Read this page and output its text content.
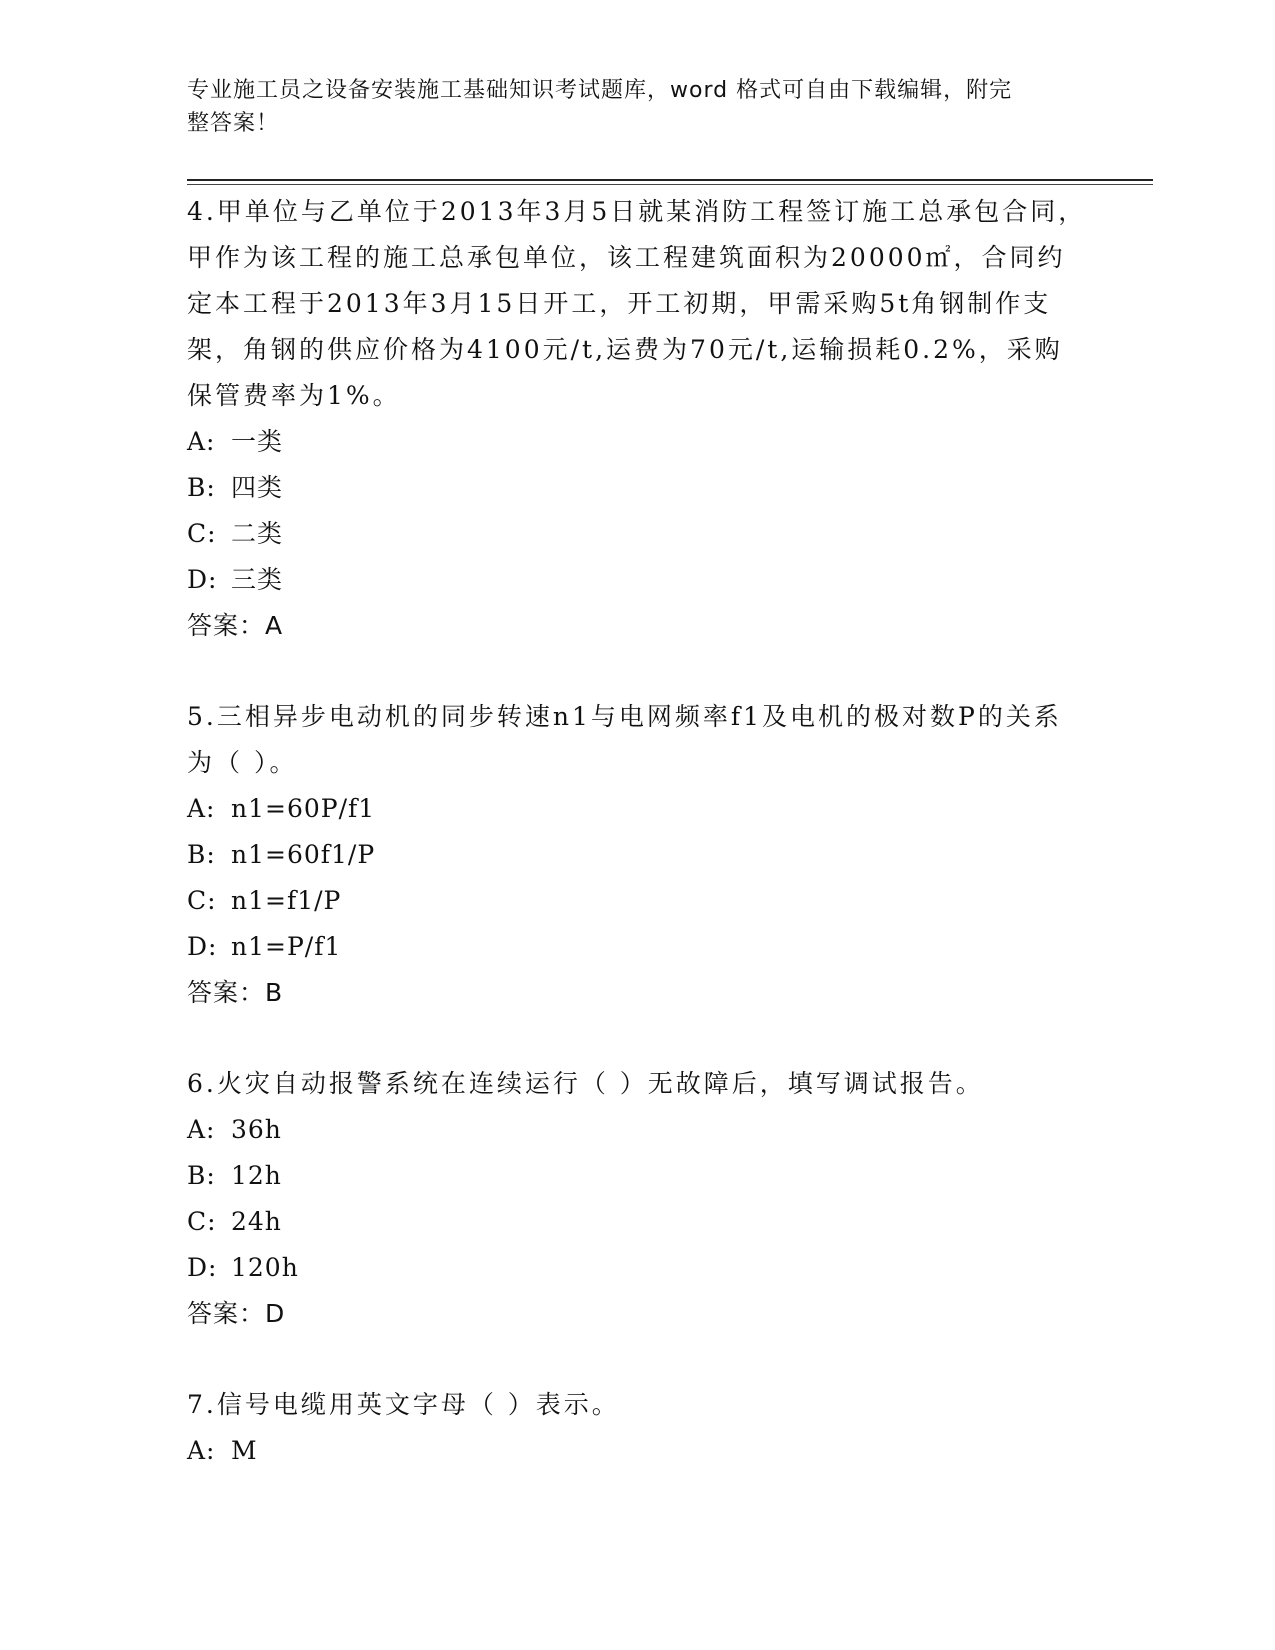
专业施工员之设备安装施工基础知识考试题库，word 格式可自由下载编辑，附完
整答案！
4.甲单位与乙单位于2013年3月5日就某消防工程签订施工总承包合同，甲作为该工程的施工总承包单位，该工程建筑面积为20000㎡，合同约定本工程于2013年3月15日开工，开工初期，甲需采购5t角钢制作支架，角钢的供应价格为4100元/t,运费为70元/t,运输损耗0.2%，采购保管费率为1%。
A: 一类
B: 四类
C: 二类
D: 三类
答案：A
5.三相异步电动机的同步转速n1与电网频率f1及电机的极对数P的关系为（ ）。
A: n1=60P/f1
B: n1=60f1/P
C: n1=f1/P
D: n1=P/f1
答案：B
6.火灾自动报警系统在连续运行（ ）无故障后，填写调试报告。
A: 36h
B: 12h
C: 24h
D: 120h
答案：D
7.信号电缆用英文字母（ ）表示。
A: M
